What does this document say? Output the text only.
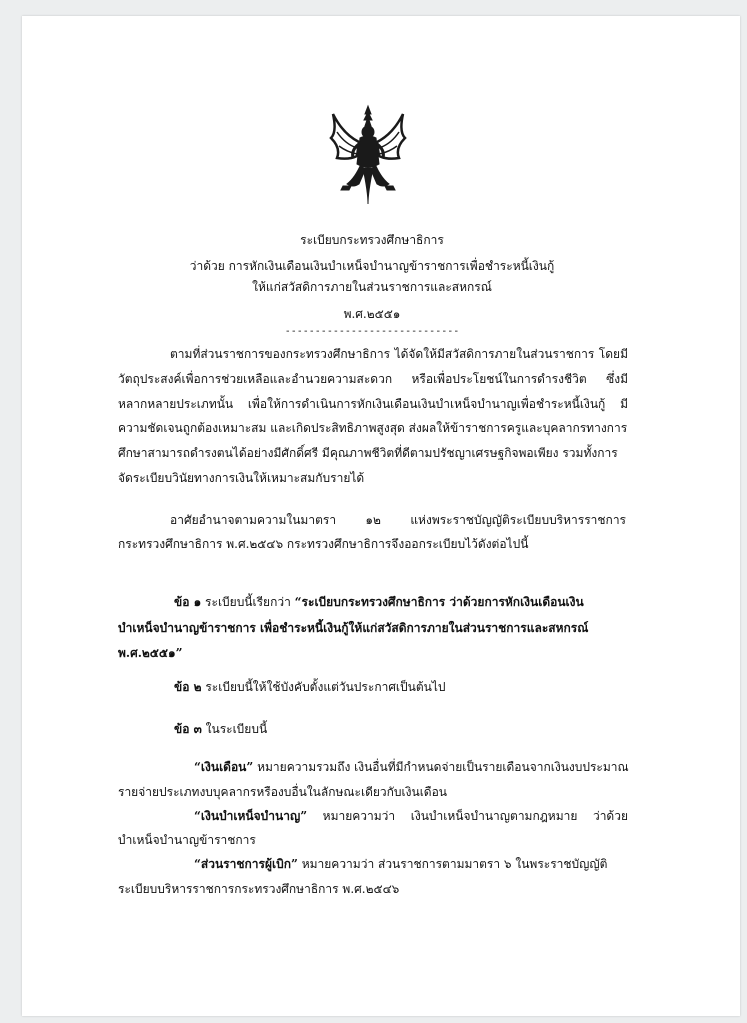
ระเบียบกระทรวงศึกษาธิการ
ว่าด้วย การหักเงินเดือนเงินบำเหน็จบำนาญข้าราชการเพื่อชำระหนี้เงินกู้
ให้แก่สวัสดิการภายในส่วนราชการและสหกรณ์
พ.ศ.๒๕๕๑
-----------------------------
ตามที่ส่วนราชการของกระทรวงศึกษาธิการ ได้จัดให้มีสวัสดิการภายในส่วนราชการ โดยมี
วัตถุประสงค์เพื่อการช่วยเหลือและอำนวยความสะดวก หรือเพื่อประโยชน์ในการดำรงชีวิต ซึ่งมี
หลากหลายประเภทนั้น เพื่อให้การดำเนินการหักเงินเดือนเงินบำเหน็จบำนาญเพื่อชำระหนี้เงินกู้ มี
ความชัดเจนถูกต้องเหมาะสม และเกิดประสิทธิภาพสูงสุด ส่งผลให้ข้าราชการครูและบุคลากรทางการ
ศึกษาสามารถดำรงตนได้อย่างมีศักดิ์ศรี มีคุณภาพชีวิตที่ดีตามปรัชญาเศรษฐกิจพอเพียง รวมทั้งการ
จัดระเบียบวินัยทางการเงินให้เหมาะสมกับรายได้
อาศัยอำนาจตามความในมาตรา ๑๒ แห่งพระราชบัญญัติระเบียบบริหารราชการ
กระทรวงศึกษาธิการ พ.ศ.๒๕๔๖ กระทรวงศึกษาธิการจึงออกระเบียบไว้ดังต่อไปนี้
ข้อ ๑ ระเบียบนี้เรียกว่า “ระเบียบกระทรวงศึกษาธิการ ว่าด้วยการหักเงินเดือนเงิน
บำเหน็จบำนาญข้าราชการ เพื่อชำระหนี้เงินกู้ให้แก่สวัสดิการภายในส่วนราชการและสหกรณ์
พ.ศ.๒๕๕๑”
ข้อ ๒ ระเบียบนี้ให้ใช้บังคับตั้งแต่วันประกาศเป็นต้นไป
ข้อ ๓ ในระเบียบนี้
“เงินเดือน” หมายความรวมถึง เงินอื่นที่มีกำหนดจ่ายเป็นรายเดือนจากเงินงบประมาณ
รายจ่ายประเภทงบบุคลากรหรืองบอื่นในลักษณะเดียวกับเงินเดือน
“เงินบำเหน็จบำนาญ” หมายความว่า เงินบำเหน็จบำนาญตามกฎหมาย ว่าด้วย
บำเหน็จบำนาญข้าราชการ
“ส่วนราชการผู้เบิก” หมายความว่า ส่วนราชการตามมาตรา ๖ ในพระราชบัญญัติ
ระเบียบบริหารราชการกระทรวงศึกษาธิการ พ.ศ.๒๕๔๖
